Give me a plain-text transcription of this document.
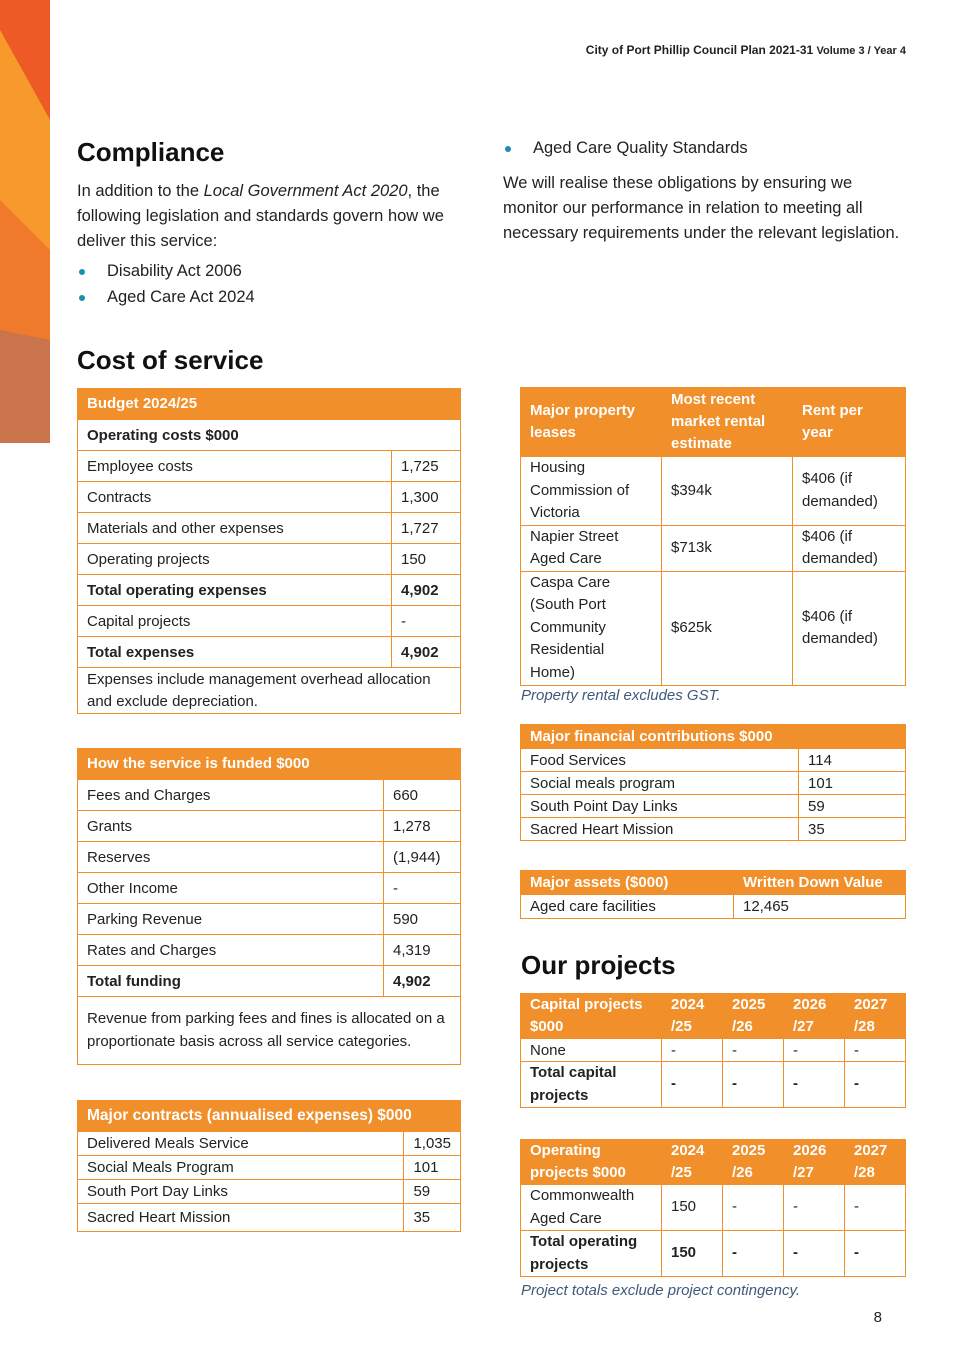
City of Port Phillip Council Plan 2021-31 Volume 3 / Year 4
Compliance

In addition to the Local Government Act 2020, the following legislation and standards govern how we deliver this service:

Disability Act 2006
Aged Care Act 2024
Aged Care Quality Standards

We will realise these obligations by ensuring we monitor our performance in relation to meeting all necessary requirements under the relevant legislation.

Cost of service
Budget 2024/25	
Operating costs $000	
Employee costs	1,725
Contracts	1,300
Materials and other expenses	1,727
Operating projects	150
Total operating expenses	4,902
Capital projects	-
Total expenses	4,902
Expenses include management overhead allocation and exclude depreciation.	
How the service is funded $000	
Fees and Charges	660
Grants	1,278
Reserves	(1,944)
Other Income	-
Parking Revenue	590
Rates and Charges	4,319
Total funding	4,902
Revenue from parking fees and fines is allocated on a proportionate basis across all service categories.	
Major contracts (annualised expenses) $000	
Delivered Meals Service	1,035
Social Meals Program	101
South Port Day Links	59
Sacred Heart Mission	35
Major property leases	Most recent market rental estimate	Rent per year
Housing Commission of Victoria	$394k	$406 (if demanded)
Napier Street Aged Care	$713k	$406 (if demanded)
Caspa Care (South Port Community Residential Home)	$625k	$406 (if demanded)
Property rental excludes GST.
Major financial contributions $000	
Food Services	114
Social meals program	101
South Point Day Links	59
Sacred Heart Mission	35
Major assets ($000)	Written Down Value
Aged care facilities	12,465
Our projects
Capital projects $000	2024 /25	2025 /26	2026 /27	2027 /28
None	-	-	-	-
Total capital projects	-	-	-	-
Operating projects $000	2024 /25	2025 /26	2026 /27	2027 /28
Commonwealth Aged Care	150	-	-	-
Total operating projects	150	-	-	-
Project totals exclude project contingency.
8
